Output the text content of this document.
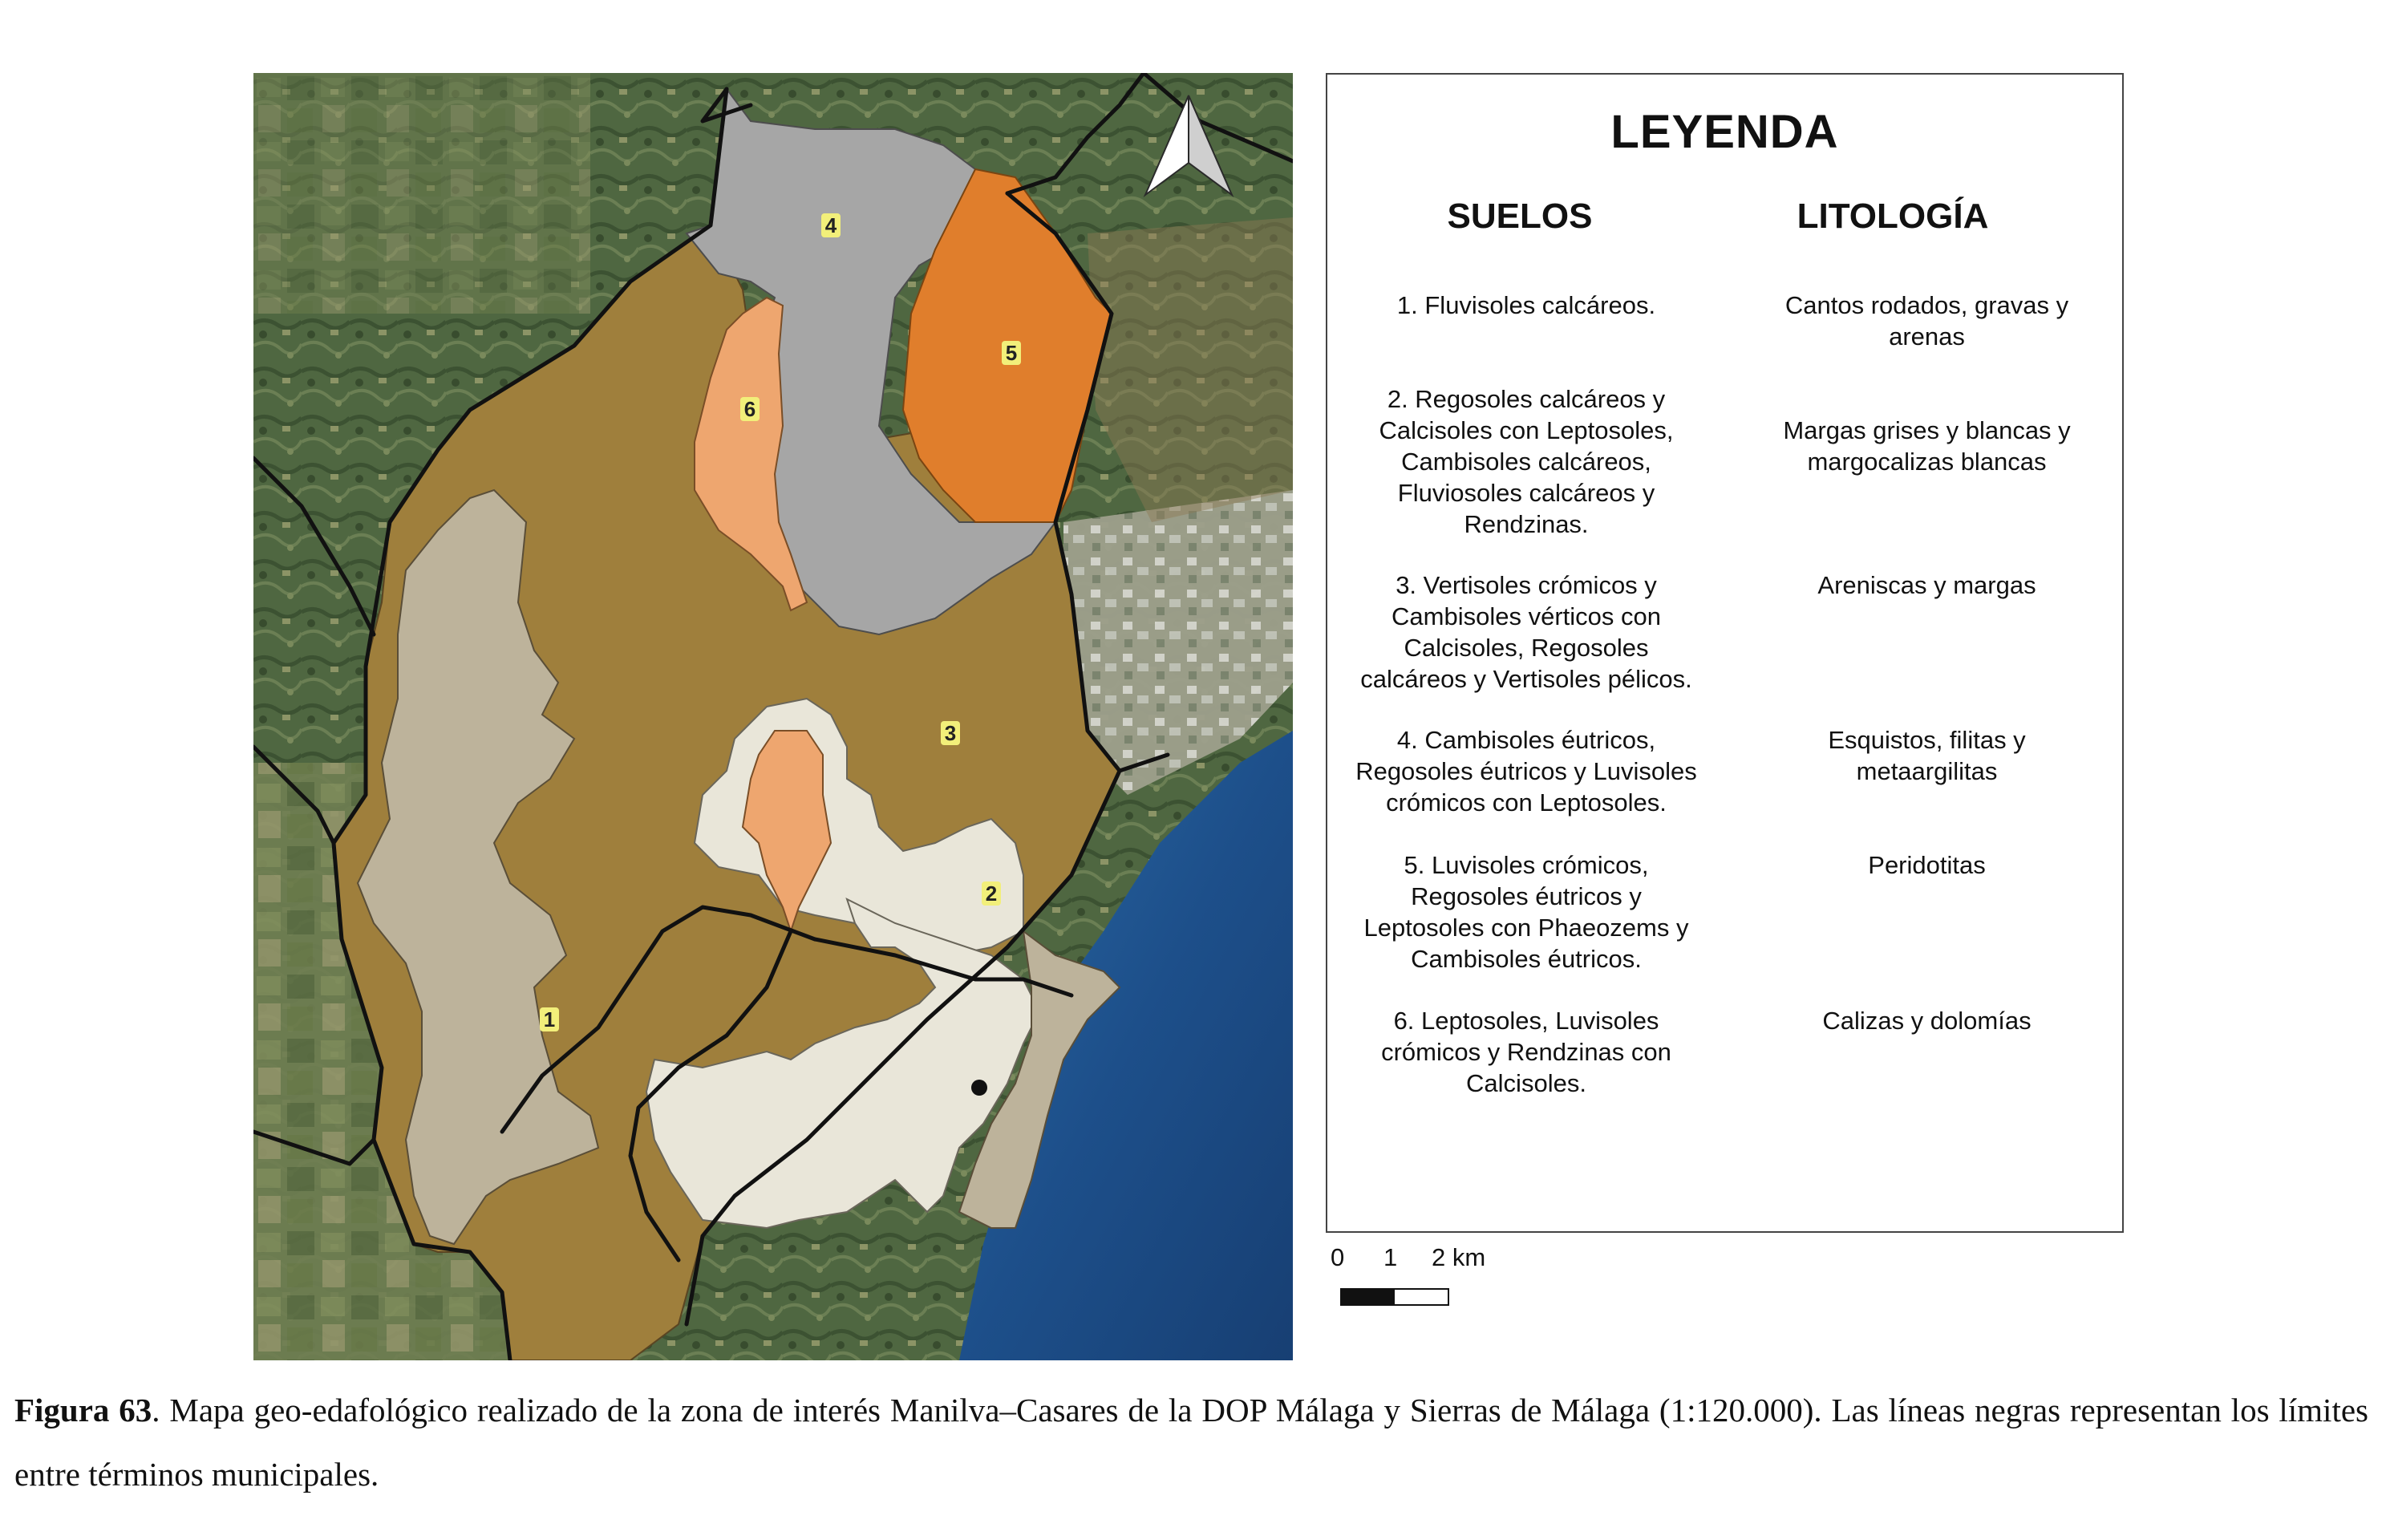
1
2
3
4
5
6
LEYENDA
SUELOS	LITOLOGÍA
1. Fluvisoles calcáreos.	Cantos rodados, gravas y
arenas
2. Regosoles calcáreos y
Calcisoles con Leptosoles,
Cambisoles calcáreos,
Fluviosoles calcáreos y
Rendzinas.
Margas grises y blancas y
margocalizas blancas
3. Vertisoles crómicos y
Cambisoles vérticos con
Calcisoles, Regosoles
calcáreos y Vertisoles pélicos.
Areniscas y margas
4. Cambisoles éutricos,
Regosoles éutricos y Luvisoles
crómicos con Leptosoles.
Esquistos, filitas y
metaargilitas
5. Luvisoles crómicos,
Regosoles éutricos y
Leptosoles con Phaeozems y
Cambisoles éutricos.
Peridotitas
6. Leptosoles, Luvisoles
crómicos y Rendzinas con
Calcisoles.
Calizas y dolomías
0 1 2 km
Figura 63. Mapa geo-edafológico realizado de la zona de interés Manilva–Casares de la DOP Málaga y Sierras de Málaga (1:120.000). Las líneas negras representan los límites entre términos municipales.
